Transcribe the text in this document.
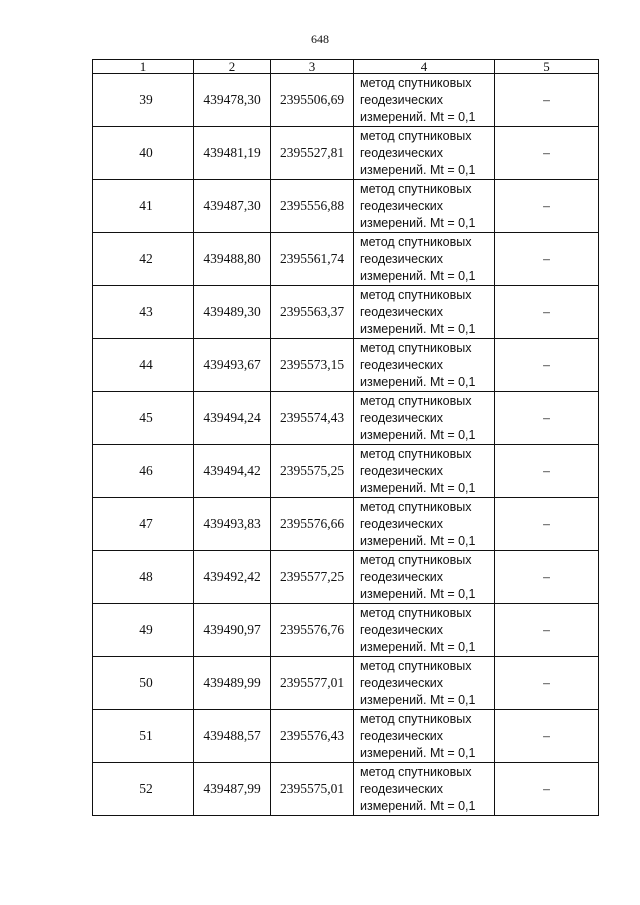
648
1	2	3	4	5
39	439478,30	2395506,69	метод спутниковых
геодезических
измерений. Mt = 0,1	–
40	439481,19	2395527,81	метод спутниковых
геодезических
измерений. Mt = 0,1	–
41	439487,30	2395556,88	метод спутниковых
геодезических
измерений. Mt = 0,1	–
42	439488,80	2395561,74	метод спутниковых
геодезических
измерений. Mt = 0,1	–
43	439489,30	2395563,37	метод спутниковых
геодезических
измерений. Mt = 0,1	–
44	439493,67	2395573,15	метод спутниковых
геодезических
измерений. Mt = 0,1	–
45	439494,24	2395574,43	метод спутниковых
геодезических
измерений. Mt = 0,1	–
46	439494,42	2395575,25	метод спутниковых
геодезических
измерений. Mt = 0,1	–
47	439493,83	2395576,66	метод спутниковых
геодезических
измерений. Mt = 0,1	–
48	439492,42	2395577,25	метод спутниковых
геодезических
измерений. Mt = 0,1	–
49	439490,97	2395576,76	метод спутниковых
геодезических
измерений. Mt = 0,1	–
50	439489,99	2395577,01	метод спутниковых
геодезических
измерений. Mt = 0,1	–
51	439488,57	2395576,43	метод спутниковых
геодезических
измерений. Mt = 0,1	–
52	439487,99	2395575,01	метод спутниковых
геодезических
измерений. Mt = 0,1	–
